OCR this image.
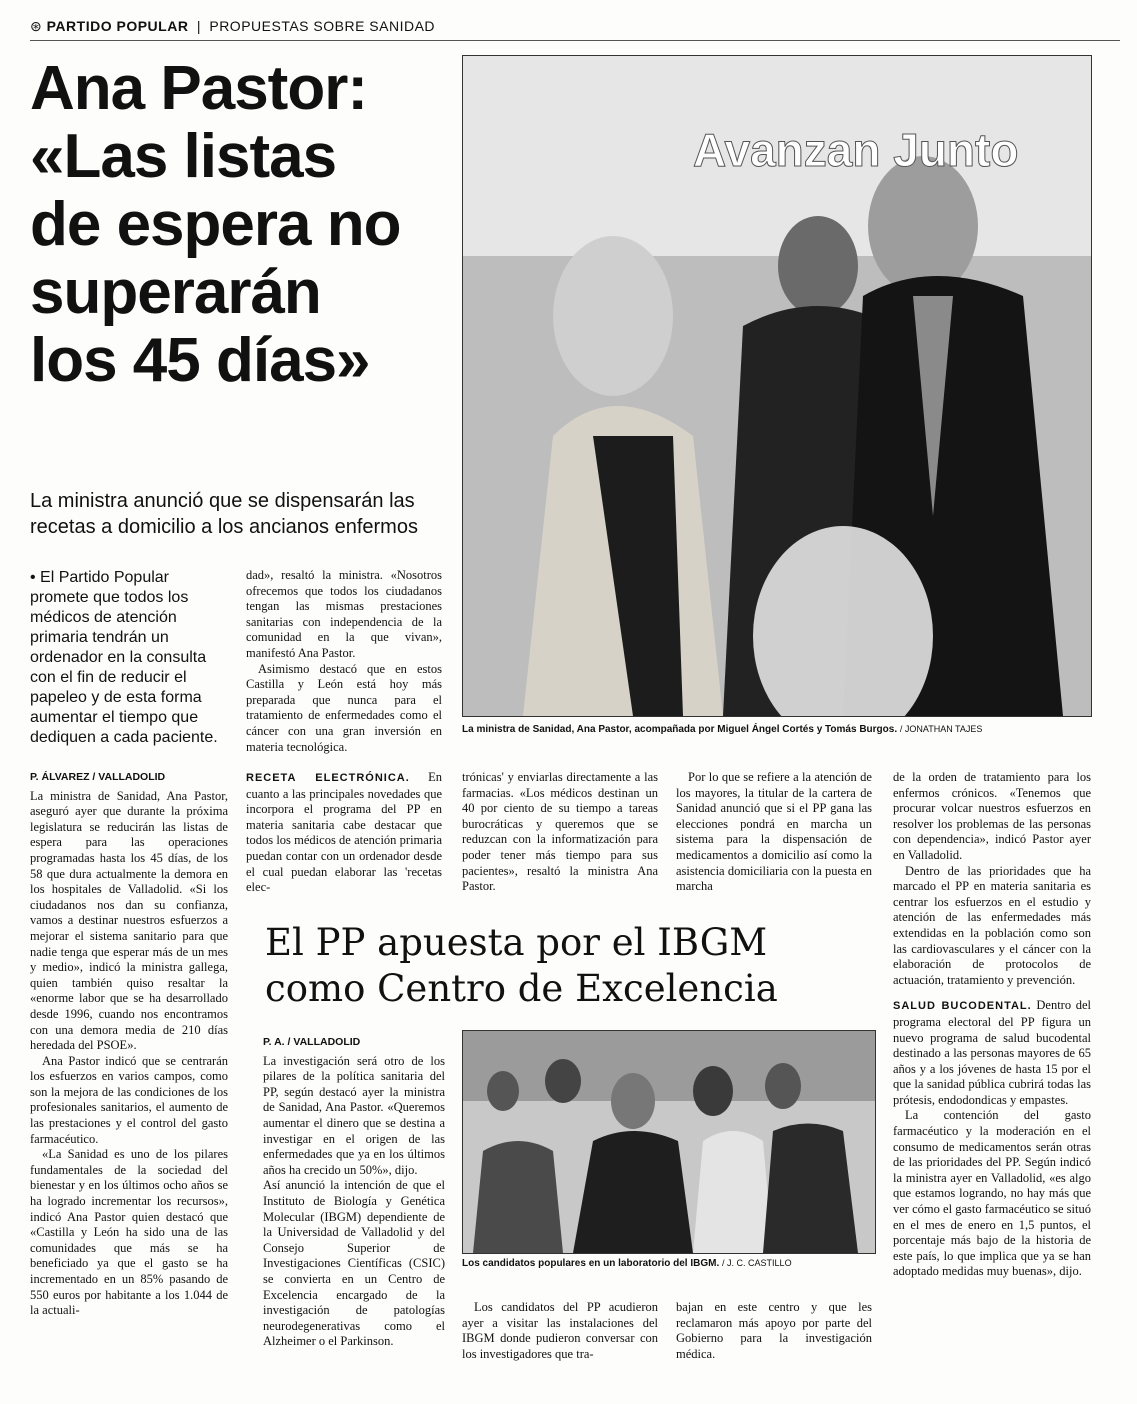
⊛ PARTIDO POPULAR | PROPUESTAS SOBRE SANIDAD
Ana Pastor:
«Las listas
de espera no
superarán
los 45 días»
La ministra anunció que se dispensarán las recetas a domicilio a los ancianos enfermos
• El Partido Popular promete que todos los médicos de atención primaria tendrán un ordenador en la consulta con el fin de reducir el papeleo y de esta forma aumentar el tiempo que dediquen a cada paciente.

dad», resaltó la ministra. «Nosotros ofrecemos que todos los ciudadanos tengan las mismas prestaciones sanitarias con independencia de la comunidad en la que vivan», manifestó Ana Pastor.

Asimismo destacó que en estos Castilla y León está hoy más preparada que nunca para el tratamiento de enfermedades como el cáncer con una gran inversión en materia tecnológica.

Avanzan Junto
La ministra de Sanidad, Ana Pastor, acompañada por Miguel Ángel Cortés y Tomás Burgos. / JONATHAN TAJES
P. ÁLVAREZ / VALLADOLID

La ministra de Sanidad, Ana Pastor, aseguró ayer que durante la próxima legislatura se reducirán las listas de espera para las operaciones programadas hasta los 45 días, de los 58 que dura actualmente la demora en los hospitales de Valladolid. «Si los ciudadanos nos dan su confianza, vamos a destinar nuestros esfuerzos a mejorar el sistema sanitario para que nadie tenga que esperar más de un mes y medio», indicó la ministra gallega, quien también quiso resaltar la «enorme labor que se ha desarrollado desde 1996, cuando nos encontramos con una demora media de 210 días heredada del PSOE».

Ana Pastor indicó que se centrarán los esfuerzos en varios campos, como son la mejora de las condiciones de los profesionales sanitarios, el aumento de las prestaciones y el control del gasto farmacéutico.

«La Sanidad es uno de los pilares fundamentales de la sociedad del bienestar y en los últimos ocho años se ha logrado incrementar los recursos», indicó Ana Pastor quien destacó que «Castilla y León ha sido una de las comunidades que más se ha beneficiado ya que el gasto se ha incrementado en un 85% pasando de 550 euros por habitante a los 1.044 de la actuali-

RECETA ELECTRÓNICA. En cuanto a las principales novedades que incorpora el programa del PP en materia sanitaria cabe destacar que todos los médicos de atención primaria puedan contar con un ordenador desde el cual puedan elaborar las 'recetas elec-

trónicas' y enviarlas directamente a las farmacias. «Los médicos destinan un 40 por ciento de su tiempo a tareas burocráticas y queremos que se reduzcan con la informatización para poder tener más tiempo para sus pacientes», resaltó la ministra Ana Pastor.

Por lo que se refiere a la atención de los mayores, la titular de la cartera de Sanidad anunció que si el PP gana las elecciones pondrá en marcha un sistema para la dispensación de medicamentos a domicilio así como la asistencia domiciliaria con la puesta en marcha

de la orden de tratamiento para los enfermos crónicos. «Tenemos que procurar volcar nuestros esfuerzos en resolver los problemas de las personas con dependencia», indicó Pastor ayer en Valladolid.

Dentro de las prioridades que ha marcado el PP en materia sanitaria es centrar los esfuerzos en el estudio y atención de las enfermedades más extendidas en la población como son las cardiovasculares y el cáncer con la elaboración de protocolos de actuación, tratamiento y prevención.

SALUD BUCODENTAL. Dentro del programa electoral del PP figura un nuevo programa de salud bucodental destinado a las personas mayores de 65 años y a los jóvenes de hasta 15 por el que la sanidad pública cubrirá todas las prótesis, endodondicas y empastes.

La contención del gasto farmacéutico y la moderación en el consumo de medicamentos serán otras de las prioridades del PP. Según indicó la ministra ayer en Valladolid, «es algo que estamos logrando, no hay más que ver cómo el gasto farmacéutico se situó en el mes de enero en 1,5 puntos, el porcentaje más bajo de la historia de este país, lo que implica que ya se han adoptado medidas muy buenas», dijo.

El PP apuesta por el IBGM
como Centro de Excelencia
P. A. / VALLADOLID

La investigación será otro de los pilares de la política sanitaria del PP, según destacó ayer la ministra de Sanidad, Ana Pastor. «Queremos aumentar el dinero que se destina a investigar en el origen de las enfermedades que ya en los últimos años ha crecido un 50%», dijo.

Así anunció la intención de que el Instituto de Biología y Genética Molecular (IBGM) dependiente de la Universidad de Valladolid y del Consejo Superior de Investigaciones Científicas (CSIC) se convierta en un Centro de Excelencia encargado de la investigación de patologías neurodegenerativas como el Alzheimer o el Parkinson.

Los candidatos populares en un laboratorio del IBGM. / J. C. CASTILLO

Los candidatos del PP acudieron ayer a visitar las instalaciones del IBGM donde pudieron conversar con los investigadores que tra-

bajan en este centro y que les reclamaron más apoyo por parte del Gobierno para la investigación médica.
